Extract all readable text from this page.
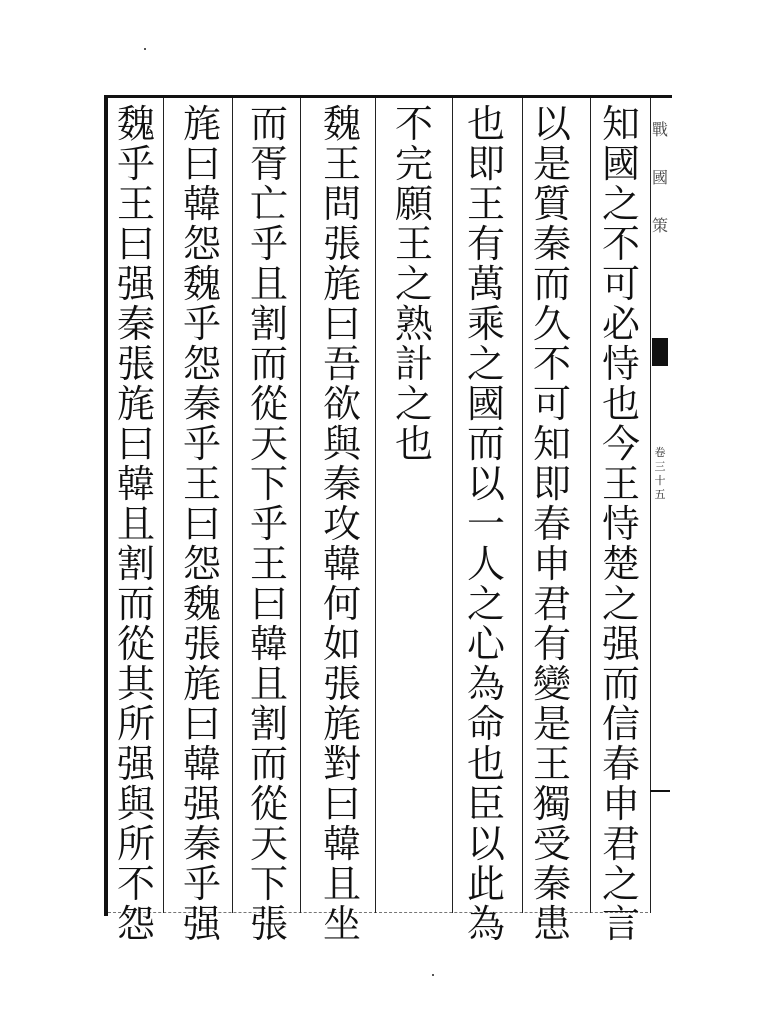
戰
國
策
卷
三
十
五
知
國
之
不
可
必
恃
也
今
王
恃
楚
之
强
而
信
春
申
君
之
言
以
是
質
秦
而
久
不
可
知
即
春
申
君
有
變
是
王
獨
受
秦
患
也
即
王
有
萬
乘
之
國
而
以
一
人
之
心
為
命
也
臣
以
此
為
不
完
願
王
之
熟
計
之
也
魏
王
問
張
旄
曰
吾
欲
與
秦
攻
韓
何
如
張
旄
對
曰
韓
且
坐
而
胥
亡
乎
且
割
而
從
天
下
乎
王
曰
韓
且
割
而
從
天
下
張
旄
曰
韓
怨
魏
乎
怨
秦
乎
王
曰
怨
魏
張
旄
曰
韓
强
秦
乎
强
魏
乎
王
曰
强
秦
張
旄
曰
韓
且
割
而
從
其
所
强
與
所
不
怨
